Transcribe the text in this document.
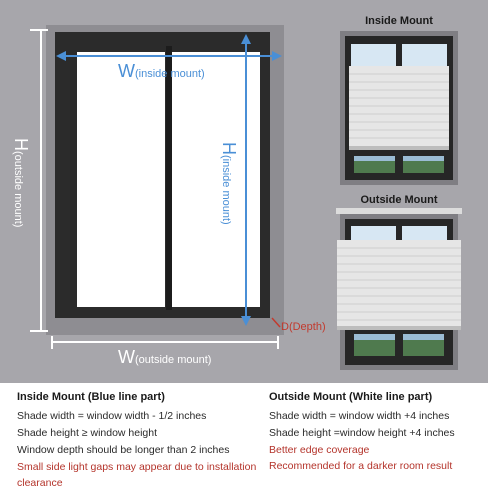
W(inside mount)
H(inside mount)
H(outside mount)
W(outside mount)
D(Depth)
Inside Mount
Outside Mount
Inside Mount (Blue line part)
Shade width = window width - 1/2 inches
Shade height ≥ window height
Window depth should be longer than 2 inches
Small side light gaps may appear due to installation clearance
Outside Mount (White line part)
Shade width = window width +4 inches
Shade height =window height +4 inches
Better edge coverage
Recommended for a darker room result
